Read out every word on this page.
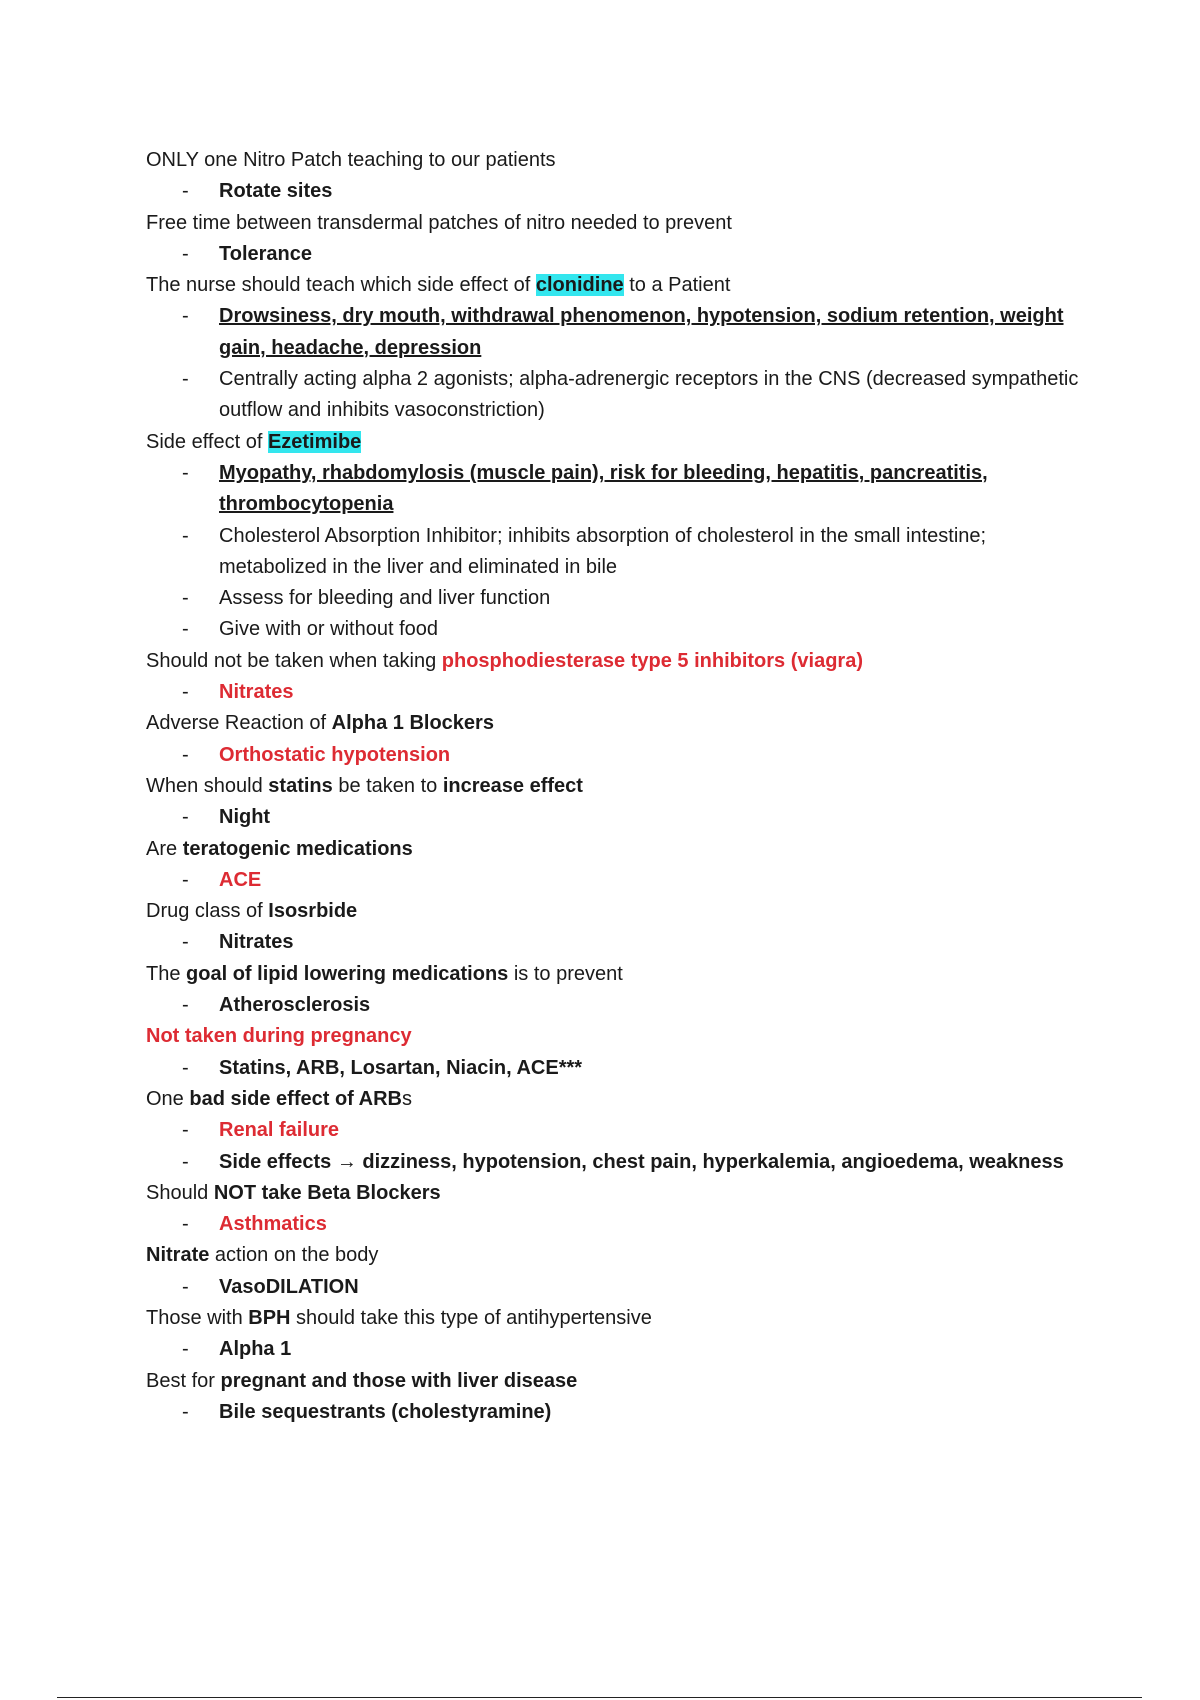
ONLY one Nitro Patch teaching to our patients
- Rotate sites
Free time between transdermal patches of nitro needed to prevent
- Tolerance
The nurse should teach which side effect of clonidine to a Patient
- Drowsiness, dry mouth, withdrawal phenomenon, hypotension, sodium retention, weight gain, headache, depression
- Centrally acting alpha 2 agonists; alpha-adrenergic receptors in the CNS (decreased sympathetic outflow and inhibits vasoconstriction)
Side effect of Ezetimibe
- Myopathy, rhabdomylosis (muscle pain), risk for bleeding, hepatitis, pancreatitis, thrombocytopenia
- Cholesterol Absorption Inhibitor; inhibits absorption of cholesterol in the small intestine; metabolized in the liver and eliminated in bile
- Assess for bleeding and liver function
- Give with or without food
Should not be taken when taking phosphodiesterase type 5 inhibitors (viagra)
- Nitrates
Adverse Reaction of Alpha 1 Blockers
- Orthostatic hypotension
When should statins be taken to increase effect
- Night
Are teratogenic medications
- ACE
Drug class of Isosrbide
- Nitrates
The goal of lipid lowering medications is to prevent
- Atherosclerosis
Not taken during pregnancy
- Statins, ARB, Losartan, Niacin, ACE***
One bad side effect of ARBs
- Renal failure
- Side effects → dizziness, hypotension, chest pain, hyperkalemia, angioedema, weakness
Should NOT take Beta Blockers
- Asthmatics
Nitrate action on the body
- VasoDILATION
Those with BPH should take this type of antihypertensive
- Alpha 1
Best for pregnant and those with liver disease
- Bile sequestrants (cholestyramine)
